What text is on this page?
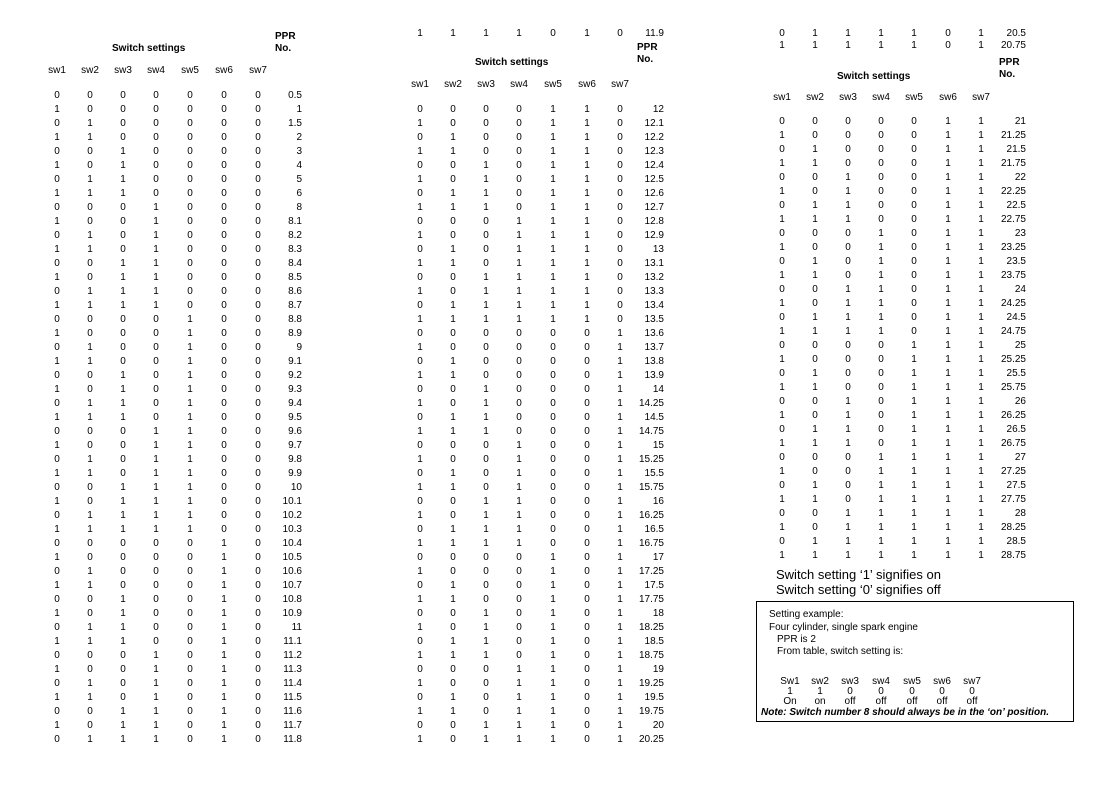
Switch settings
PPR
No.
sw1	sw2	sw3	sw4	sw5	sw6	sw7
0	0	0	0	0	0	0	0.5
1	0	0	0	0	0	0	1
0	1	0	0	0	0	0	1.5
1	1	0	0	0	0	0	2
0	0	1	0	0	0	0	3
1	0	1	0	0	0	0	4
0	1	1	0	0	0	0	5
1	1	1	0	0	0	0	6
0	0	0	1	0	0	0	8
1	0	0	1	0	0	0	8.1
0	1	0	1	0	0	0	8.2
1	1	0	1	0	0	0	8.3
0	0	1	1	0	0	0	8.4
1	0	1	1	0	0	0	8.5
0	1	1	1	0	0	0	8.6
1	1	1	1	0	0	0	8.7
0	0	0	0	1	0	0	8.8
1	0	0	0	1	0	0	8.9
0	1	0	0	1	0	0	9
1	1	0	0	1	0	0	9.1
0	0	1	0	1	0	0	9.2
1	0	1	0	1	0	0	9.3
0	1	1	0	1	0	0	9.4
1	1	1	0	1	0	0	9.5
0	0	0	1	1	0	0	9.6
1	0	0	1	1	0	0	9.7
0	1	0	1	1	0	0	9.8
1	1	0	1	1	0	0	9.9
0	0	1	1	1	0	0	10
1	0	1	1	1	0	0	10.1
0	1	1	1	1	0	0	10.2
1	1	1	1	1	0	0	10.3
0	0	0	0	0	1	0	10.4
1	0	0	0	0	1	0	10.5
0	1	0	0	0	1	0	10.6
1	1	0	0	0	1	0	10.7
0	0	1	0	0	1	0	10.8
1	0	1	0	0	1	0	10.9
0	1	1	0	0	1	0	11
1	1	1	0	0	1	0	11.1
0	0	0	1	0	1	0	11.2
1	0	0	1	0	1	0	11.3
0	1	0	1	0	1	0	11.4
1	1	0	1	0	1	0	11.5
0	0	1	1	0	1	0	11.6
1	0	1	1	0	1	0	11.7
0	1	1	1	0	1	0	11.8
1	1	1	1	0	1	0	11.9
Switch settings
PPR
No.
sw1	sw2	sw3	sw4	sw5	sw6	sw7
0	0	0	0	1	1	0	12
1	0	0	0	1	1	0	12.1
0	1	0	0	1	1	0	12.2
1	1	0	0	1	1	0	12.3
0	0	1	0	1	1	0	12.4
1	0	1	0	1	1	0	12.5
0	1	1	0	1	1	0	12.6
1	1	1	0	1	1	0	12.7
0	0	0	1	1	1	0	12.8
1	0	0	1	1	1	0	12.9
0	1	0	1	1	1	0	13
1	1	0	1	1	1	0	13.1
0	0	1	1	1	1	0	13.2
1	0	1	1	1	1	0	13.3
0	1	1	1	1	1	0	13.4
1	1	1	1	1	1	0	13.5
0	0	0	0	0	0	1	13.6
1	0	0	0	0	0	1	13.7
0	1	0	0	0	0	1	13.8
1	1	0	0	0	0	1	13.9
0	0	1	0	0	0	1	14
1	0	1	0	0	0	1	14.25
0	1	1	0	0	0	1	14.5
1	1	1	0	0	0	1	14.75
0	0	0	1	0	0	1	15
1	0	0	1	0	0	1	15.25
0	1	0	1	0	0	1	15.5
1	1	0	1	0	0	1	15.75
0	0	1	1	0	0	1	16
1	0	1	1	0	0	1	16.25
0	1	1	1	0	0	1	16.5
1	1	1	1	0	0	1	16.75
0	0	0	0	1	0	1	17
1	0	0	0	1	0	1	17.25
0	1	0	0	1	0	1	17.5
1	1	0	0	1	0	1	17.75
0	0	1	0	1	0	1	18
1	0	1	0	1	0	1	18.25
0	1	1	0	1	0	1	18.5
1	1	1	0	1	0	1	18.75
0	0	0	1	1	0	1	19
1	0	0	1	1	0	1	19.25
0	1	0	1	1	0	1	19.5
1	1	0	1	1	0	1	19.75
0	0	1	1	1	0	1	20
1	0	1	1	1	0	1	20.25
0	1	1	1	1	0	1	20.5
1	1	1	1	1	0	1	20.75
Switch settings
PPR
No.
sw1	sw2	sw3	sw4	sw5	sw6	sw7
0	0	0	0	0	1	1	21
1	0	0	0	0	1	1	21.25
0	1	0	0	0	1	1	21.5
1	1	0	0	0	1	1	21.75
0	0	1	0	0	1	1	22
1	0	1	0	0	1	1	22.25
0	1	1	0	0	1	1	22.5
1	1	1	0	0	1	1	22.75
0	0	0	1	0	1	1	23
1	0	0	1	0	1	1	23.25
0	1	0	1	0	1	1	23.5
1	1	0	1	0	1	1	23.75
0	0	1	1	0	1	1	24
1	0	1	1	0	1	1	24.25
0	1	1	1	0	1	1	24.5
1	1	1	1	0	1	1	24.75
0	0	0	0	1	1	1	25
1	0	0	0	1	1	1	25.25
0	1	0	0	1	1	1	25.5
1	1	0	0	1	1	1	25.75
0	0	1	0	1	1	1	26
1	0	1	0	1	1	1	26.25
0	1	1	0	1	1	1	26.5
1	1	1	0	1	1	1	26.75
0	0	0	1	1	1	1	27
1	0	0	1	1	1	1	27.25
0	1	0	1	1	1	1	27.5
1	1	0	1	1	1	1	27.75
0	0	1	1	1	1	1	28
1	0	1	1	1	1	1	28.25
0	1	1	1	1	1	1	28.5
1	1	1	1	1	1	1	28.75
Switch setting ‘1’ signifies on
Switch setting ‘0’ signifies off
Setting example:
Four cylinder, single spark engine
PPR is 2
From table, switch setting is:
Sw1	sw2	sw3	sw4	sw5	sw6	sw7
1	1	0	0	0	0	0
On	on	off	off	off	off	off
Note: Switch number 8 should always be in the ‘on’ position.
